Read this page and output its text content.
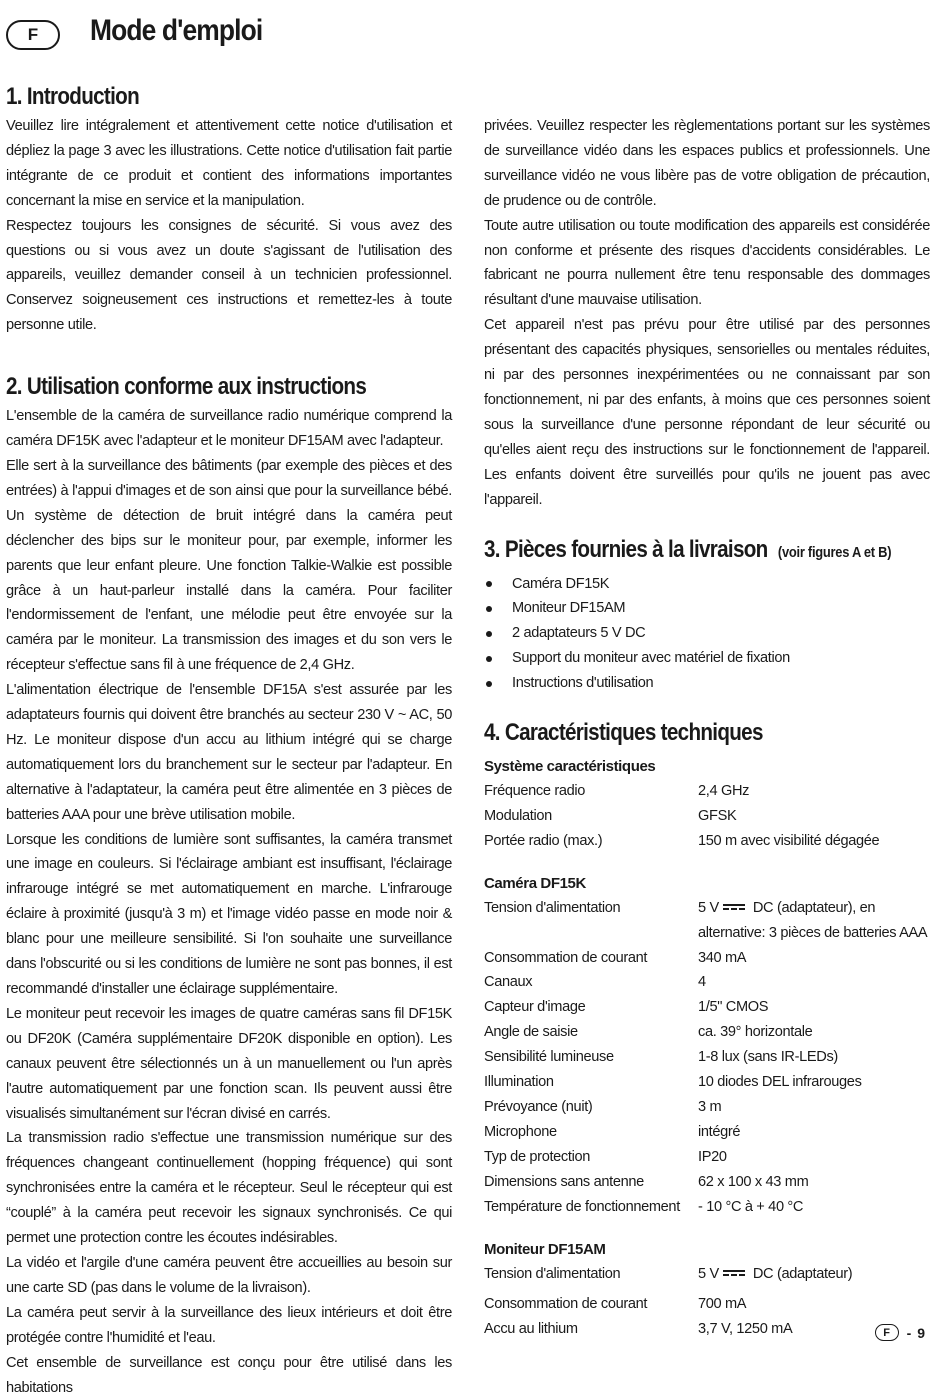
F	Mode d'emploi
1. Introduction

Veuillez lire intégralement et attentivement cette notice d'utilisation et dépliez la page 3 avec les illustrations. Cette notice d'utilisation fait partie intégrante de ce produit et contient des informations importantes concernant la mise en service et la manipulation.

Respectez toujours les consignes de sécurité. Si vous avez des questions ou si vous avez un doute s'agissant de l'utilisation des appareils, veuillez demander conseil à un technicien professionnel. Conservez soigneusement ces instructions et remettez-les à toute personne utile.

2. Utilisation conforme aux instructions

L'ensemble de la caméra de surveillance radio numérique comprend la caméra DF15K avec l'adapteur et le moniteur DF15AM avec l'adapteur.

Elle sert à la surveillance des bâtiments (par exemple des pièces et des entrées) à l'appui d'images et de son ainsi que pour la surveillance bébé. Un système de détection de bruit intégré dans la caméra peut déclencher des bips sur le moniteur pour, par exemple, informer les parents que leur enfant pleure. Une fonction Talkie-Walkie est possible grâce à un haut-parleur installé dans la caméra. Pour faciliter l'endormissement de l'enfant, une mélodie peut être envoyée sur la caméra par le moniteur. La transmission des images et du son vers le récepteur s'effectue sans fil à une fréquence de 2,4 GHz.

L'alimentation électrique de l'ensemble DF15A s'est assurée par les adaptateurs fournis qui doivent être branchés au secteur 230 V ~ AC, 50 Hz. Le moniteur dispose d'un accu au lithium intégré qui se charge automatiquement lors du branchement sur le secteur par l'adapteur. En alternative à l'adaptateur, la caméra peut être alimentée en 3 pièces de batteries AAA pour une brève utilisation mobile.

Lorsque les conditions de lumière sont suffisantes, la caméra transmet une image en couleurs. Si l'éclairage ambiant est insuffisant, l'éclairage infrarouge intégré se met automatiquement en marche. L'infrarouge éclaire à proximité (jusqu'à 3 m) et l'image vidéo passe en mode noir & blanc pour une meilleure sensibilité. Si l'on souhaite une surveillance dans l'obscurité ou si les conditions de lumière ne sont pas bonnes, il est recommandé d'installer une éclairage supplémentaire.

Le moniteur peut recevoir les images de quatre caméras sans fil DF15K ou DF20K (Caméra supplémentaire DF20K disponible en option). Les canaux peuvent être sélectionnés un à un manuellement ou l'un après l'autre automatiquement par une fonction scan. Ils peuvent aussi être visualisés simultanément sur l'écran divisé en carrés.

La transmission radio s'effectue une transmission numérique sur des fréquences changeant continuellement (hopping fréquence) qui sont synchronisées entre la caméra et le récepteur. Seul le récepteur qui est “couplé” à la caméra peut recevoir les signaux synchronisés. Ce qui permet une protection contre les écoutes indésirables.

La vidéo et l'argile d'une caméra peuvent être accueillies au besoin sur une carte SD (pas dans le volume de la livraison).

La caméra peut servir à la surveillance des lieux intérieurs et doit être protégée contre l'humidité et l'eau.

Cet ensemble de surveillance est conçu pour être utilisé dans les habitations

privées. Veuillez respecter les règlementations portant sur les systèmes de surveillance vidéo dans les espaces publics et professionnels. Une surveillance vidéo ne vous libère pas de votre obligation de précaution, de prudence ou de contrôle.

Toute autre utilisation ou toute modification des appareils est considérée non conforme et présente des risques d'accidents considérables. Le fabricant ne pourra nullement être tenu responsable des dommages résultant d'une mauvaise utilisation.

Cet appareil n'est pas prévu pour être utilisé par des personnes présentant des capacités physiques, sensorielles ou mentales réduites, ni par des personnes inexpérimentées ou ne connaissant par son fonctionnement, ni par des enfants, à moins que ces personnes soient sous la surveillance d'une personne répondant de leur sécurité ou qu'elles aient reçu des instructions sur le fonctionnement de l'appareil. Les enfants doivent être surveillés pour qu'ils ne jouent pas avec l'appareil.

3. Pièces fournies à la livraison (voir figures A et B)
Caméra DF15K
Moniteur DF15AM
2 adaptateurs 5 V DC
Support du moniteur avec matériel de fixation
Instructions d'utilisation
4. Caractéristiques techniques
Système caractéristiques
Fréquence radio	2,4 GHz
Modulation	GFSK
Portée radio (max.)	150 m avec visibilité dégagée
Caméra DF15K
Tension d'alimentation	5 V DC (adaptateur), en
alternative: 3 pièces de batteries AAA
Consommation de courant	340 mA
Canaux	4
Capteur d'image	1/5" CMOS
Angle de saisie	ca. 39° horizontale
Sensibilité lumineuse	1-8 lux (sans IR-LEDs)
Illumination	10 diodes DEL infrarouges
Prévoyance (nuit)	3 m
Microphone	intégré
Typ de protection	IP20
Dimensions sans antenne	62 x 100 x 43 mm
Température de fonctionnement	- 10 °C à + 40 °C
Moniteur DF15AM
Tension d'alimentation	5 V DC (adaptateur)
Consommation de courant	700 mA
Accu au lithium	3,7 V, 1250 mA	F	- 9
